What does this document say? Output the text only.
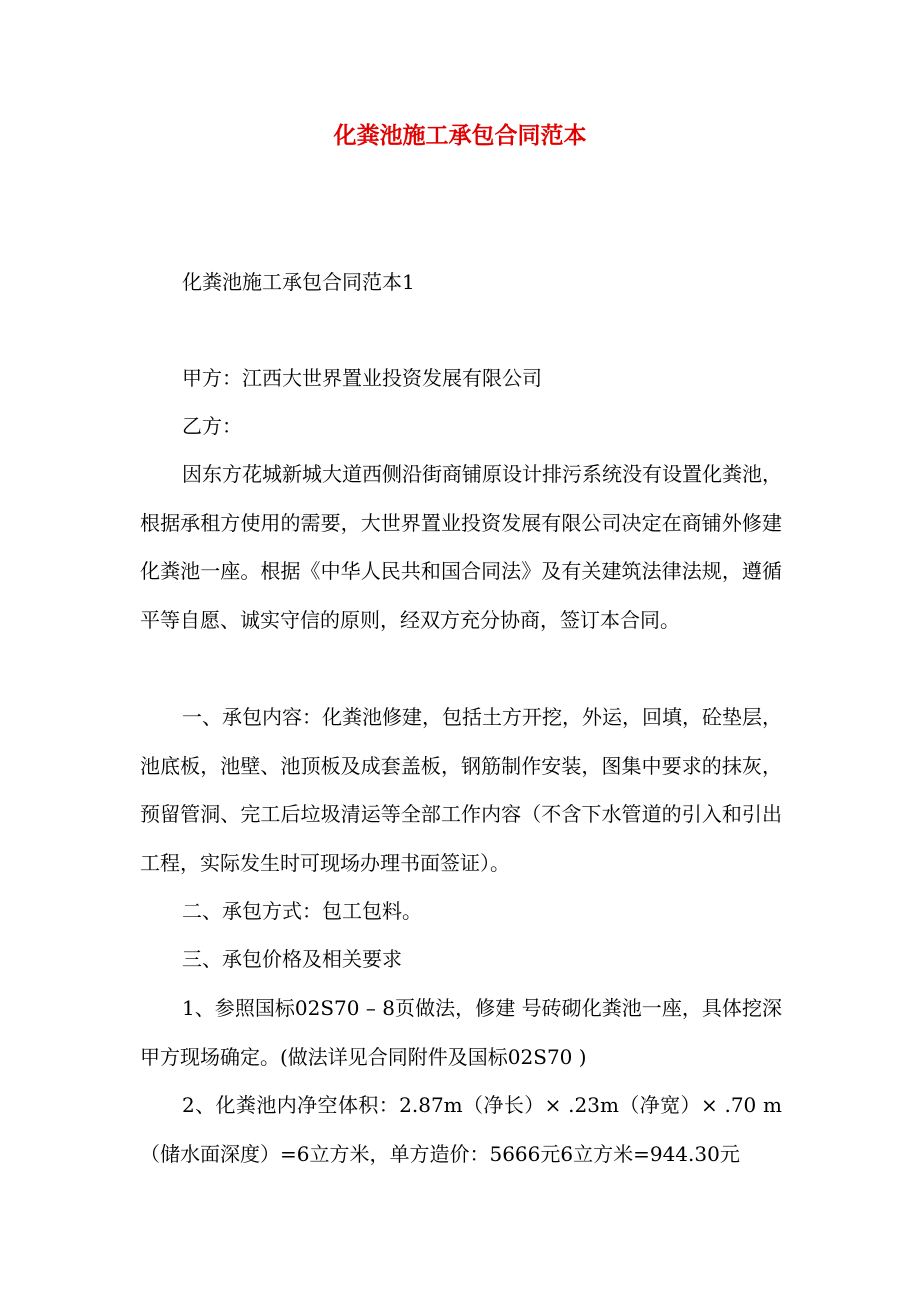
化粪池施工承包合同范本

化粪池施工承包合同范本1

甲方：江西大世界置业投资发展有限公司

乙方：

因东方花城新城大道西侧沿街商铺原设计排污系统没有设置化粪池，根据承租方使用的需要，大世界置业投资发展有限公司决定在商铺外修建化粪池一座。根据《中华人民共和国合同法》及有关建筑法律法规，遵循平等自愿、诚实守信的原则，经双方充分协商，签订本合同。

一、承包内容：化粪池修建，包括土方开挖，外运，回填，砼垫层，池底板，池壁、池顶板及成套盖板，钢筋制作安装，图集中要求的抹灰，预留管洞、完工后垃圾清运等全部工作内容（不含下水管道的引入和引出工程，实际发生时可现场办理书面签证）。

二、承包方式：包工包料。

三、承包价格及相关要求

1、参照国标02S70 – 8页做法，修建 号砖砌化粪池一座，具体挖深甲方现场确定。(做法详见合同附件及国标02S70 )

2、化粪池内净空体积：2.87m（净长）× .23m（净宽）× .70 m（储水面深度）=6立方米，单方造价：5666元6立方米=944.30元
